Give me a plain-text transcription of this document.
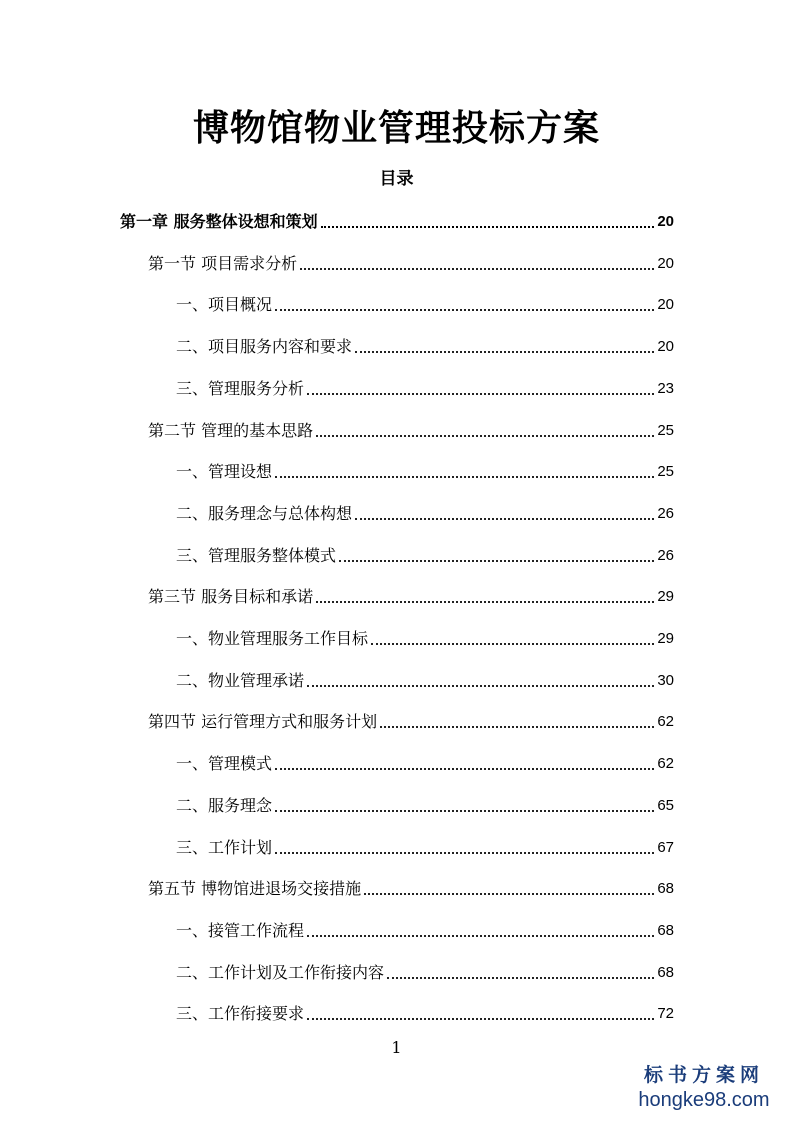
博物馆物业管理投标方案
目录
第一章 服务整体设想和策划	20
第一节 项目需求分析	20
一、项目概况	20
二、项目服务内容和要求	20
三、管理服务分析	23
第二节 管理的基本思路	25
一、管理设想	25
二、服务理念与总体构想	26
三、管理服务整体模式	26
第三节 服务目标和承诺	29
一、物业管理服务工作目标	29
二、物业管理承诺	30
第四节 运行管理方式和服务计划	62
一、管理模式	62
二、服务理念	65
三、工作计划	67
第五节 博物馆进退场交接措施	68
一、接管工作流程	68
二、工作计划及工作衔接内容	68
三、工作衔接要求	72
1
标书方案网
hongke98.com
